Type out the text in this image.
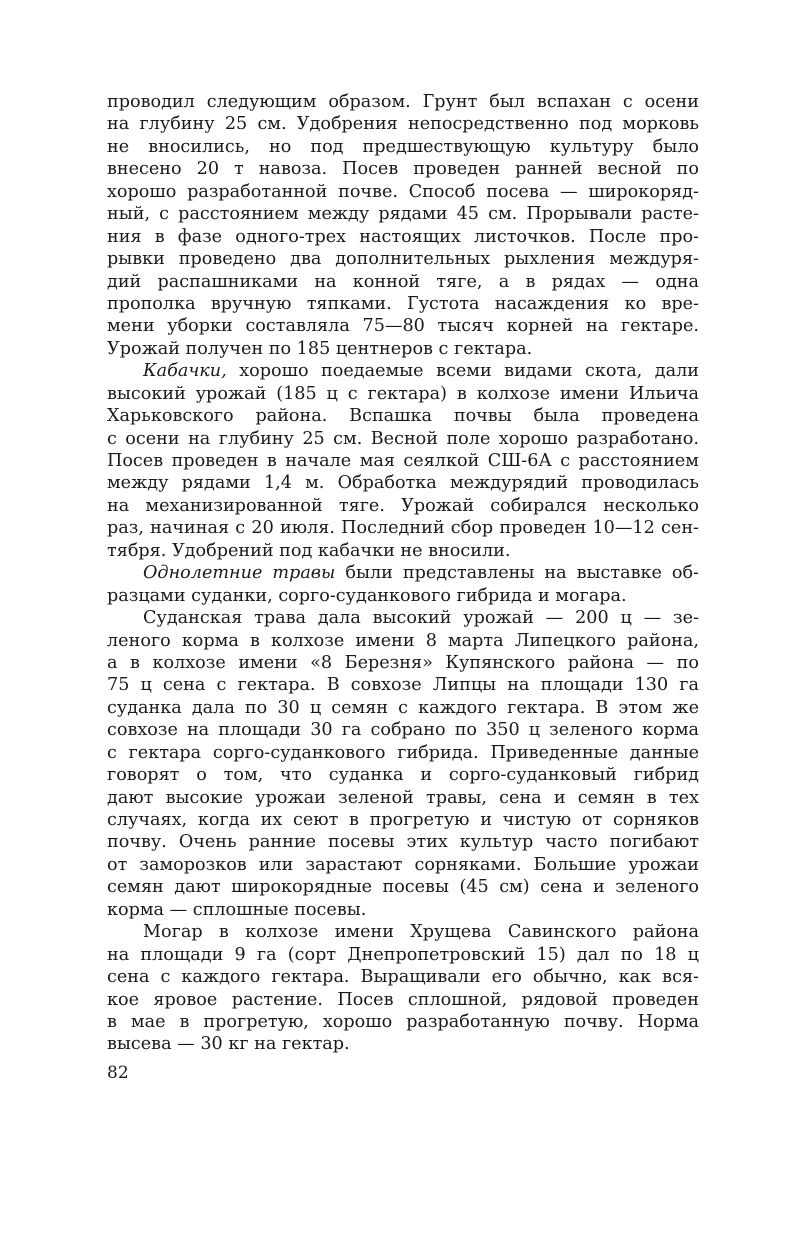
проводил следующим образом. Грунт был вспахан с осени
на глубину 25 см. Удобрения непосредственно под морковь
не вносились, но под предшествующую культуру было
внесено 20 т навоза. Посев проведен ранней весной по
хорошо разработанной почве. Способ посева — широкоряд-
ный, с расстоянием между рядами 45 см. Прорывали расте-
ния в фазе одного-трех настоящих листочков. После про-
рывки проведено два дополнительных рыхления междуря-
дий распашниками на конной тяге, а в рядах — одна
прополка вручную тяпками. Густота насаждения ко вре-
мени уборки составляла 75—80 тысяч корней на гектаре.
Урожай получен по 185 центнеров с гектара.
Кабачки, хорошо поедаемые всеми видами скота, дали
высокий урожай (185 ц с гектара) в колхозе имени Ильича
Харьковского района. Вспашка почвы была проведена
с осени на глубину 25 см. Весной поле хорошо разработано.
Посев проведен в начале мая сеялкой СШ-6А с расстоянием
между рядами 1,4 м. Обработка междурядий проводилась
на механизированной тяге. Урожай собирался несколько
раз, начиная с 20 июля. Последний сбор проведен 10—12 сен-
тября. Удобрений под кабачки не вносили.
Однолетние травы были представлены на выставке об-
разцами суданки, сорго-суданкового гибрида и могара.
Суданская трава дала высокий урожай — 200 ц — зе-
леного корма в колхозе имени 8 марта Липецкого района,
а в колхозе имени «8 Березня» Купянского района — по
75 ц сена с гектара. В совхозе Липцы на площади 130 га
суданка дала по 30 ц семян с каждого гектара. В этом же
совхозе на площади 30 га собрано по 350 ц зеленого корма
с гектара сорго-суданкового гибрида. Приведенные данные
говорят о том, что суданка и сорго-суданковый гибрид
дают высокие урожаи зеленой травы, сена и семян в тех
случаях, когда их сеют в прогретую и чистую от сорняков
почву. Очень ранние посевы этих культур часто погибают
от заморозков или зарастают сорняками. Большие урожаи
семян дают широкорядные посевы (45 см) сена и зеленого
корма — сплошные посевы.
Могар в колхозе имени Хрущева Савинского района
на площади 9 га (сорт Днепропетровский 15) дал по 18 ц
сена с каждого гектара. Выращивали его обычно, как вся-
кое яровое растение. Посев сплошной, рядовой проведен
в мае в прогретую, хорошо разработанную почву. Норма
высева — 30 кг на гектар.
82
